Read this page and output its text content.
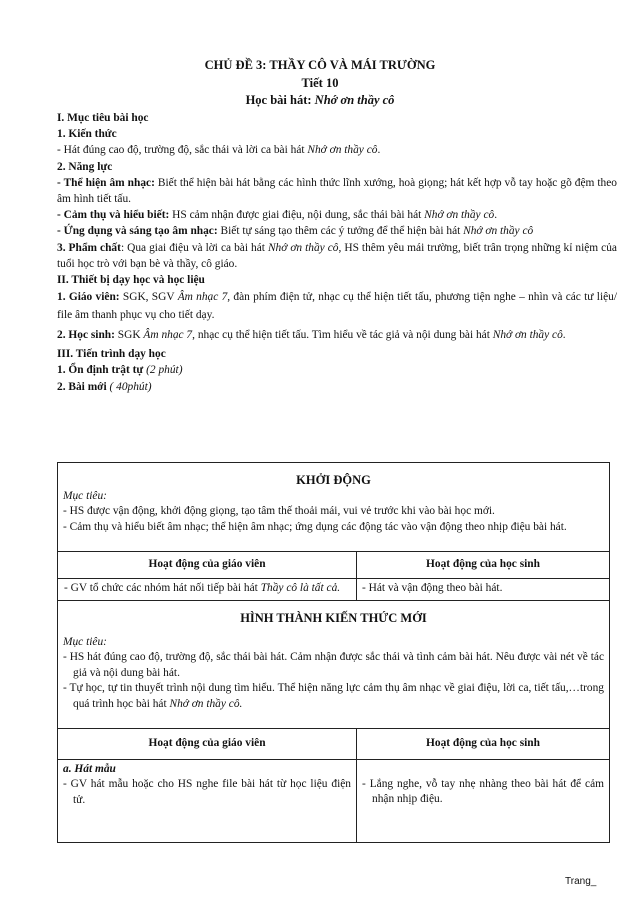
CHỦ ĐỀ 3: THẦY CÔ VÀ MÁI TRƯỜNG
Tiết 10
Học bài hát: Nhớ ơn thầy cô

I. Mục tiêu bài học

1. Kiến thức

- Hát đúng cao độ, trường độ, sắc thái và lời ca bài hát Nhớ ơn thầy cô.

2. Năng lực

- Thể hiện âm nhạc: Biết thể hiện bài hát bằng các hình thức lĩnh xướng, hoà giọng; hát kết hợp vỗ tay hoặc gõ đệm theo âm hình tiết tấu.

- Cảm thụ và hiểu biết: HS cảm nhận được giai điệu, nội dung, sắc thái bài hát Nhớ ơn thầy cô.

- Ứng dụng và sáng tạo âm nhạc: Biết tự sáng tạo thêm các ý tưởng để thể hiện bài hát Nhớ ơn thầy cô

3. Phẩm chất: Qua giai điệu và lời ca bài hát Nhớ ơn thầy cô, HS thêm yêu mái trường, biết trân trọng những kỉ niệm của tuổi học trò với bạn bè và thầy, cô giáo.

II. Thiết bị dạy học và học liệu

1. Giáo viên: SGK, SGV Âm nhạc 7, đàn phím điện tử, nhạc cụ thể hiện tiết tấu, phương tiện nghe – nhìn và các tư liệu/ file âm thanh phục vụ cho tiết dạy.

2. Học sinh: SGK Âm nhạc 7, nhạc cụ thể hiện tiết tấu. Tìm hiểu về tác giả và nội dung bài hát Nhớ ơn thầy cô.

III. Tiến trình dạy học

1. Ổn định trật tự (2 phút)

2. Bài mới ( 40phút)

KHỞI ĐỘNG
Mục tiêu:
- HS được vận động, khởi động giọng, tạo tâm thế thoải mái, vui vẻ trước khi vào bài học mới.
- Cảm thụ và hiểu biết âm nhạc; thể hiện âm nhạc; ứng dụng các động tác vào vận động theo nhịp điệu bài hát.	

Hoạt động của giáo viên	Hoạt động của học sinh
- GV tổ chức các nhóm hát nối tiếp bài hát Thầy cô là tất cả.	- Hát và vận động theo bài hát.

HÌNH THÀNH KIẾN THỨC MỚI
Mục tiêu:
- HS hát đúng cao độ, trường độ, sắc thái bài hát. Cảm nhận được sắc thái và tình cảm bài hát. Nêu được vài nét về tác giả và nội dung bài hát.
- Tự học, tự tin thuyết trình nội dung tìm hiểu. Thể hiện năng lực cảm thụ âm nhạc về giai điệu, lời ca, tiết tấu,…trong quá trình học bài hát Nhớ ơn thầy cô.	

Hoạt động của giáo viên	Hoạt động của học sinh

a. Hát mẫu
- GV hát mẫu hoặc cho HS nghe file bài hát từ học liệu điện tử.	- Lắng nghe, vỗ tay nhẹ nhàng theo bài hát để cảm nhận nhịp điệu.
Trang_
